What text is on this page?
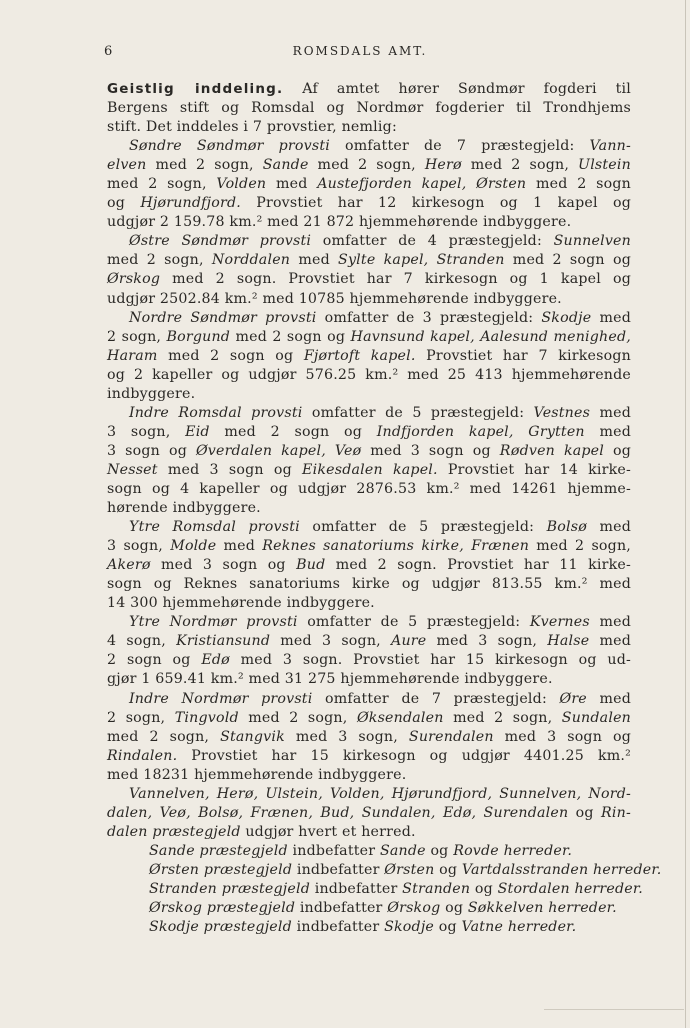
6	ROMSDALS AMT.
Geistlig inddeling. Af amtet hører Søndmør fogderi til
Bergens stift og Romsdal og Nordmør fogderier til Trondhjems
stift. Det inddeles i 7 provstier, nemlig:
Søndre Søndmør provsti omfatter de 7 præstegjeld: Vann-
elven med 2 sogn, Sande med 2 sogn, Herø med 2 sogn, Ulstein
med 2 sogn, Volden med Austefjorden kapel, Ørsten med 2 sogn
og Hjørundfjord. Provstiet har 12 kirkesogn og 1 kapel og
udgjør 2 159.78 km.² med 21 872 hjemmehørende indbyggere.
Østre Søndmør provsti omfatter de 4 præstegjeld: Sunnelven
med 2 sogn, Norddalen med Sylte kapel, Stranden med 2 sogn og
Ørskog med 2 sogn. Provstiet har 7 kirkesogn og 1 kapel og
udgjør 2502.84 km.² med 10785 hjemmehørende indbyggere.
Nordre Søndmør provsti omfatter de 3 præstegjeld: Skodje med
2 sogn, Borgund med 2 sogn og Havnsund kapel, Aalesund menighed,
Haram med 2 sogn og Fjørtoft kapel. Provstiet har 7 kirkesogn
og 2 kapeller og udgjør 576.25 km.² med 25 413 hjemmehørende
indbyggere.
Indre Romsdal provsti omfatter de 5 præstegjeld: Vestnes med
3 sogn, Eid med 2 sogn og Indfjorden kapel, Grytten med
3 sogn og Øverdalen kapel, Veø med 3 sogn og Rødven kapel og
Nesset med 3 sogn og Eikesdalen kapel. Provstiet har 14 kirke-
sogn og 4 kapeller og udgjør 2876.53 km.² med 14261 hjemme-
hørende indbyggere.
Ytre Romsdal provsti omfatter de 5 præstegjeld: Bolsø med
3 sogn, Molde med Reknes sanatoriums kirke, Frænen med 2 sogn,
Akerø med 3 sogn og Bud med 2 sogn. Provstiet har 11 kirke-
sogn og Reknes sanatoriums kirke og udgjør 813.55 km.² med
14 300 hjemmehørende indbyggere.
Ytre Nordmør provsti omfatter de 5 præstegjeld: Kvernes med
4 sogn, Kristiansund med 3 sogn, Aure med 3 sogn, Halse med
2 sogn og Edø med 3 sogn. Provstiet har 15 kirkesogn og ud-
gjør 1 659.41 km.² med 31 275 hjemmehørende indbyggere.
Indre Nordmør provsti omfatter de 7 præstegjeld: Øre med
2 sogn, Tingvold med 2 sogn, Øksendalen med 2 sogn, Sundalen
med 2 sogn, Stangvik med 3 sogn, Surendalen med 3 sogn og
Rindalen. Provstiet har 15 kirkesogn og udgjør 4401.25 km.²
med 18231 hjemmehørende indbyggere.
Vannelven, Herø, Ulstein, Volden, Hjørundfjord, Sunnelven, Nord-
dalen, Veø, Bolsø, Frænen, Bud, Sundalen, Edø, Surendalen og Rin-
dalen præstegjeld udgjør hvert et herred.
Sande præstegjeld indbefatter Sande og Rovde herreder.
Ørsten præstegjeld indbefatter Ørsten og Vartdalsstranden herreder.
Stranden præstegjeld indbefatter Stranden og Stordalen herreder.
Ørskog præstegjeld indbefatter Ørskog og Søkkelven herreder.
Skodje præstegjeld indbefatter Skodje og Vatne herreder.
